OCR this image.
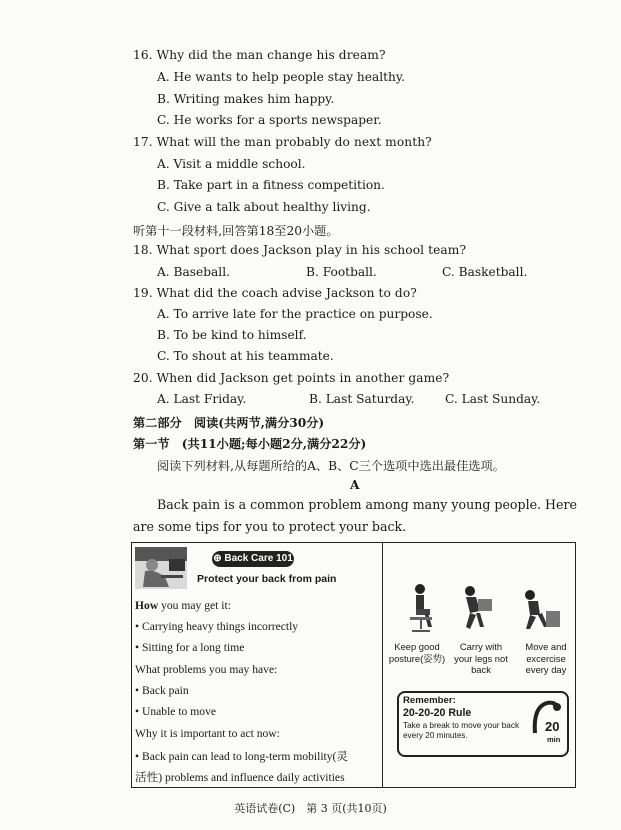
16. Why did the man change his dream?
A. He wants to help people stay healthy.
B. Writing makes him happy.
C. He works for a sports newspaper.
17. What will the man probably do next month?
A. Visit a middle school.
B. Take part in a fitness competition.
C. Give a talk about healthy living.
听第十一段材料,回答第18至20小题。
18. What sport does Jackson play in his school team?
A. Baseball.	B. Football.	C. Basketball.
19. What did the coach advise Jackson to do?
A. To arrive late for the practice on purpose.
B. To be kind to himself.
C. To shout at his teammate.
20. When did Jackson get points in another game?
A. Last Friday.	B. Last Saturday.	C. Last Sunday.
第二部分　阅读(共两节,满分30分)
第一节　(共11小题;每小题2分,满分22分)
阅读下列材料,从每题所给的A、B、C三个选项中选出最佳选项。
A
Back pain is a common problem among many young people. Here are some tips for you to protect your back.
⊕ Back Care 101
Protect your back from pain
How you may get it:
• Carrying heavy things incorrectly
• Sitting for a long time
What problems you may have:
• Back pain
• Unable to move
Why it is important to act now:
• Back pain can lead to long-term mobility(灵
活性) problems and influence daily activities
Keep good
posture(姿势)
Carry with
your legs not
back
Move and
excercise
every day
Remember:
20-20-20 Rule
Take a break to move your back
every 20 minutes.
20
min
英语试卷(C)　第 3 页(共10页)
